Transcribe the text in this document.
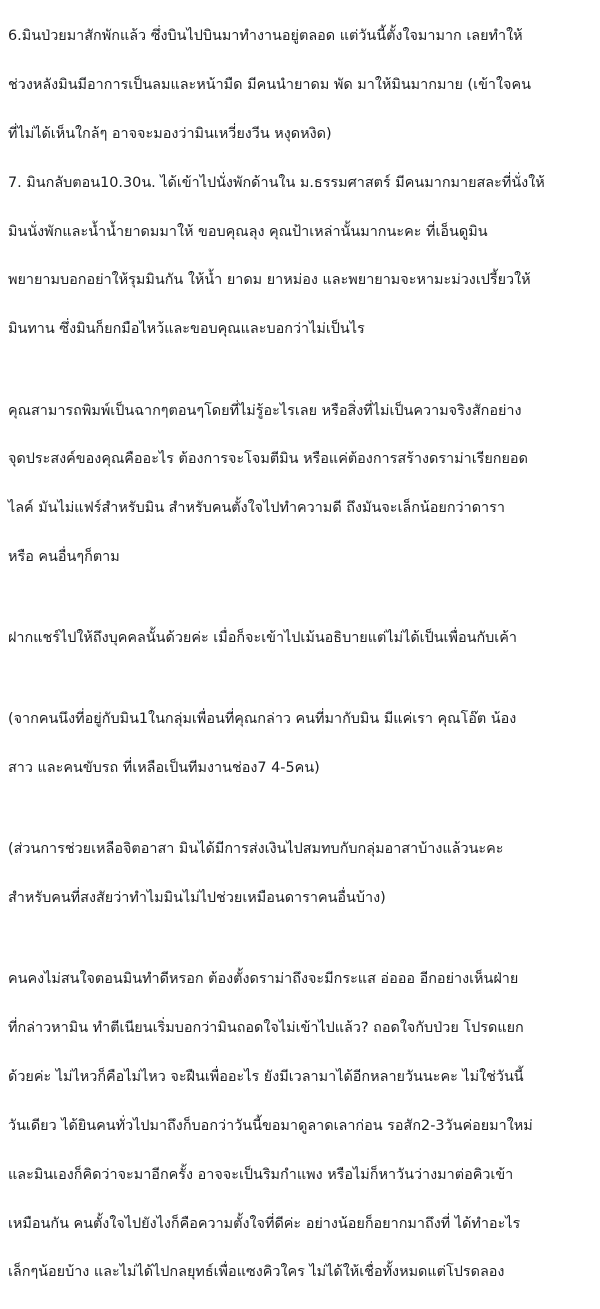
6.มินป่วยมาสักพักแล้ว ซึ่งบินไปบินมาทำงานอยู่ตลอด แต่วันนี้ตั้งใจมามาก เลยทำให้

ช่วงหลังมินมีอาการเป็นลมและหน้ามืด มีคนนำยาดม พัด มาให้มินมากมาย (เข้าใจคน

ที่ไม่ได้เห็นใกล้ๆ อาจจะมองว่ามินเหวี่ยงวีน หงุดหงิด)

7. มินกลับตอน10.30น. ได้เข้าไปนั่งพักด้านใน ม.ธรรมศาสตร์ มีคนมากมายสละที่นั่งให้

มินนั่งพักและน้ำน้ำยาดมมาให้ ขอบคุณลุง คุณป้าเหล่านั้นมากนะคะ ที่เอ็นดูมิน

พยายามบอกอย่าให้รุมมินกัน ให้น้ำ ยาดม ยาหม่อง และพยายามจะหามะม่วงเปรี้ยวให้

มินทาน ซึ่งมินก็ยกมือไหว้และขอบคุณและบอกว่าไม่เป็นไร

คุณสามารถพิมพ์เป็นฉากๆตอนๆโดยที่ไม่รู้อะไรเลย หรือสิ่งที่ไม่เป็นความจริงสักอย่าง

จุดประสงค์ของคุณคืออะไร ต้องการจะโจมตีมิน หรือแค่ต้องการสร้างดราม่าเรียกยอด

ไลค์ มันไม่แฟร์สำหรับมิน สำหรับคนตั้งใจไปทำความดี ถึงมันจะเล็กน้อยกว่าดารา

หรือ คนอื่นๆก็ตาม

ฝากแชร์ไปให้ถึงบุคคลนั้นด้วยค่ะ เมื่อก็จะเข้าไปเม้นอธิบายแต่ไม่ได้เป็นเพื่อนกับเค้า

(จากคนนึงที่อยู่กับมิน1ในกลุ่มเพื่อนที่คุณกล่าว คนที่มากับมิน มีแค่เรา คุณโอ๊ต น้อง

สาว และคนขับรถ ที่เหลือเป็นทีมงานช่อง7 4-5คน)

(ส่วนการช่วยเหลือจิตอาสา มินได้มีการส่งเงินไปสมทบกับกลุ่มอาสาบ้างแล้วนะคะ

สำหรับคนที่สงสัยว่าทำไมมินไม่ไปช่วยเหมือนดาราคนอื่นบ้าง)

คนคงไม่สนใจตอนมินทำดีหรอก ต้องตั้งดราม่าถึงจะมีกระแส อ่อออ อีกอย่างเห็นฝ่าย

ที่กล่าวหามิน ทำตีเนียนเริ่มบอกว่ามินถอดใจไม่เข้าไปแล้ว? ถอดใจกับป่วย โปรดแยก

ด้วยค่ะ ไม่ไหวก็คือไม่ไหว จะฝืนเพื่ออะไร ยังมีเวลามาได้อีกหลายวันนะคะ ไม่ใช่วันนี้

วันเดียว ได้ยินคนทั่วไปมาถึงก็บอกว่าวันนี้ขอมาดูลาดเลาก่อน รอสัก2-3วันค่อยมาใหม่

และมินเองก็คิดว่าจะมาอีกครั้ง อาจจะเป็นริมกำแพง หรือไม่ก็หาวันว่างมาต่อคิวเข้า

เหมือนกัน คนตั้งใจไปยังไงก็คือความตั้งใจที่ดีค่ะ อย่างน้อยก็อยากมาถึงที่ ได้ทำอะไร

เล็กๆน้อยบ้าง และไม่ได้ไปกลยุทธ์เพื่อแซงคิวใคร ไม่ได้ให้เชื่อทั้งหมดแต่โปรดลอง
